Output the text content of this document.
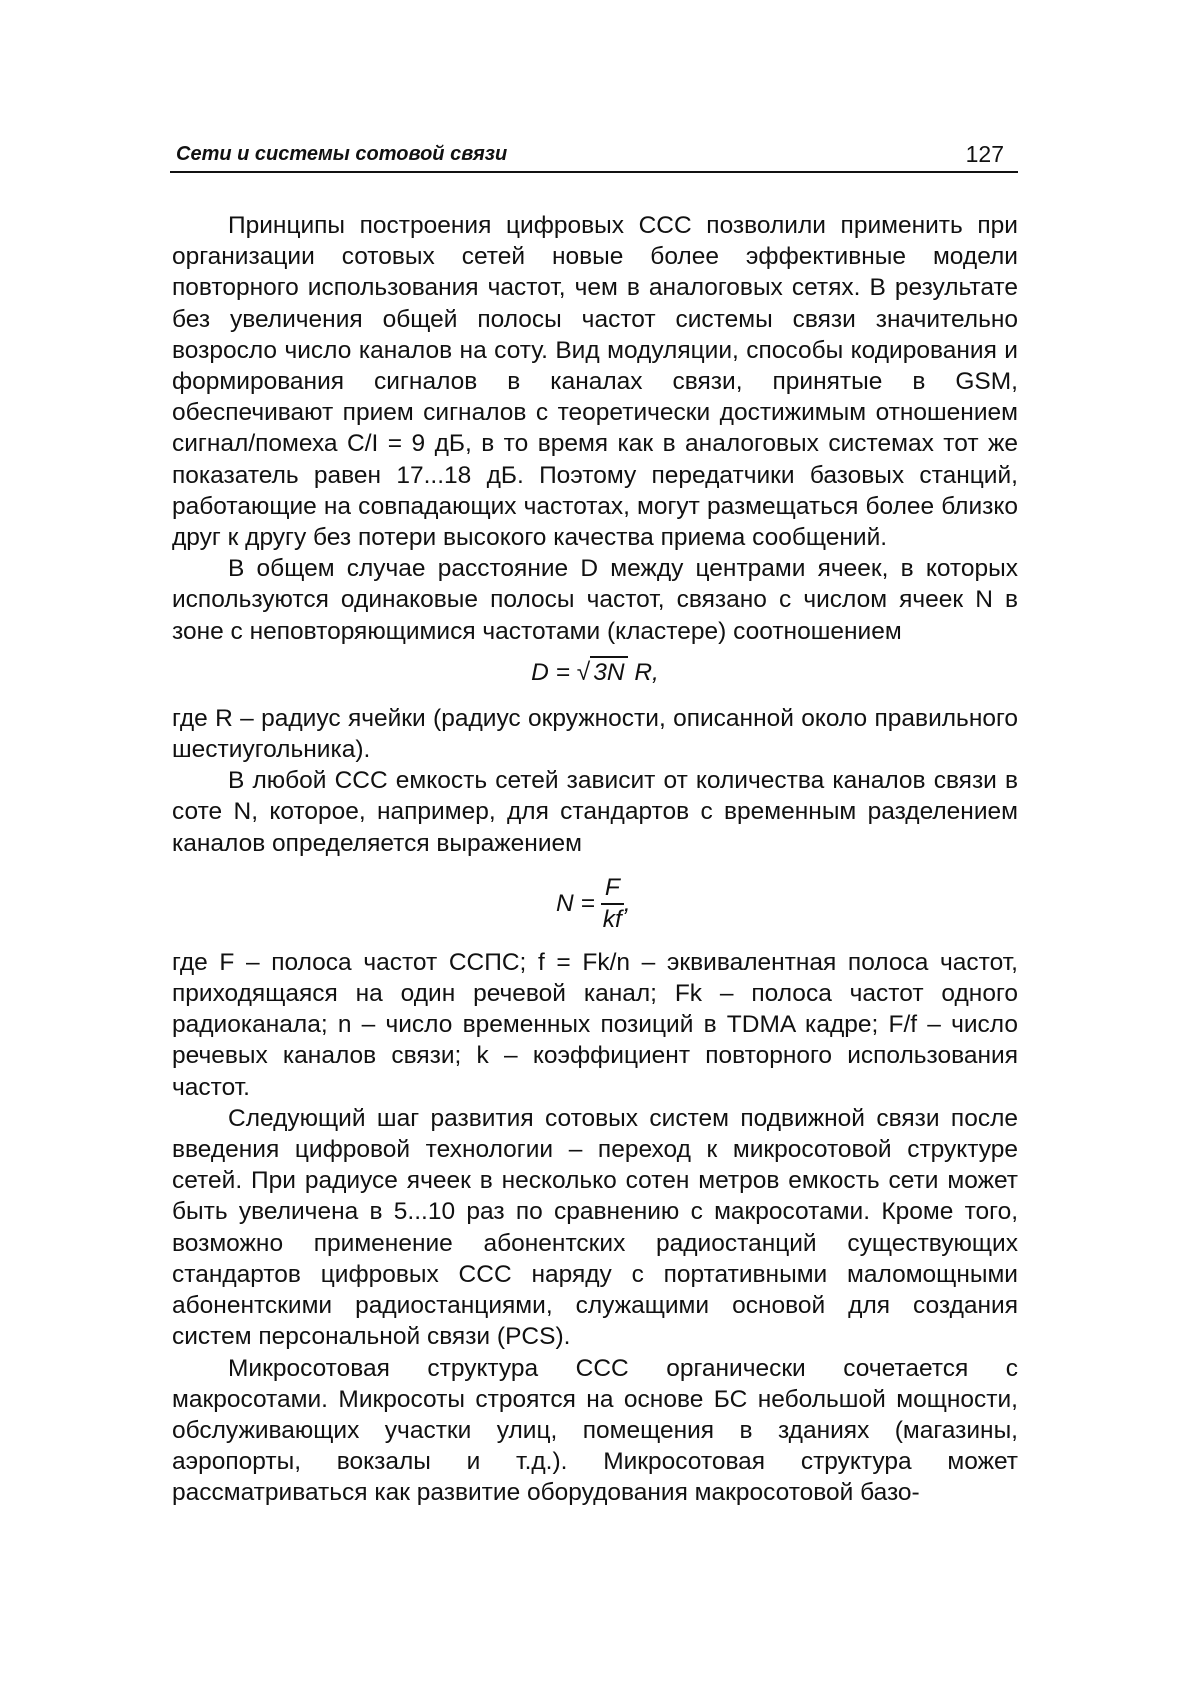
Сети и системы сотовой связи	127

Принципы построения цифровых ССС позволили применить при организации сотовых сетей новые более эффективные модели повторного использования частот, чем в аналоговых сетях. В результате без увеличения общей полосы частот системы связи значительно возросло число каналов на соту. Вид модуляции, способы кодирования и формирования сигналов в каналах связи, принятые в GSM, обеспечивают прием сигналов с теоретически достижимым отношением сигнал/помеха C/I = 9 дБ, в то время как в аналоговых системах тот же показатель равен 17...18 дБ. Поэтому передатчики базовых станций, работающие на совпадающих частотах, могут размещаться более близко друг к другу без потери высокого качества приема сообщений.

В общем случае расстояние D между центрами ячеек, в которых используются одинаковые полосы частот, связано с числом ячеек N в зоне с неповторяющимися частотами (кластере) соотношением

D = √ 3N R,

где R – радиус ячейки (радиус окружности, описанной около правильного шестиугольника).

В любой ССС емкость сетей зависит от количества каналов связи в соте N, которое, например, для стандартов с временным разделением каналов определяется выражением

$N = \frac{F}{kf}$ ,

где F – полоса частот ССПС; f = Fk/n – эквивалентная полоса частот, приходящаяся на один речевой канал; Fk – полоса частот одного радиоканала; n – число временных позиций в TDMA кадре; F/f – число речевых каналов связи; k – коэффициент повторного использования частот.

Следующий шаг развития сотовых систем подвижной связи после введения цифровой технологии – переход к микросотовой структуре сетей. При радиусе ячеек в несколько сотен метров емкость сети может быть увеличена в 5...10 раз по сравнению с макросотами. Кроме того, возможно применение абонентских радиостанций существующих стандартов цифровых ССС наряду с портативными маломощными абонентскими радиостанциями, служащими основой для создания систем персональной связи (PCS).

Микросотовая структура ССС органически сочетается с макросотами. Микросоты строятся на основе БС небольшой мощности, обслуживающих участки улиц, помещения в зданиях (магазины, аэропорты, вокзалы и т.д.). Микросотовая структура может рассматриваться как развитие оборудования макросотовой базо-
